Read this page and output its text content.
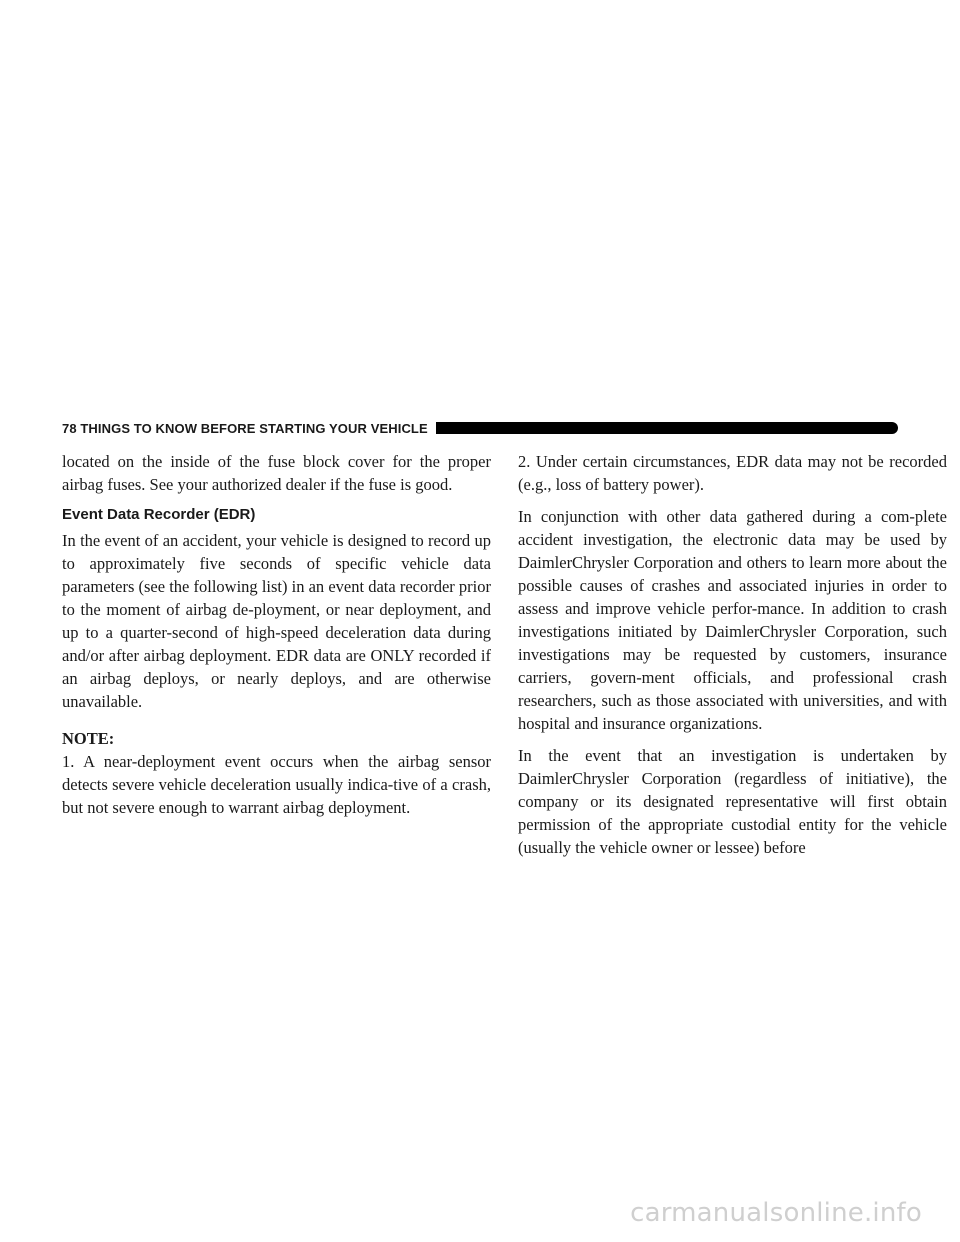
78 THINGS TO KNOW BEFORE STARTING YOUR VEHICLE

located on the inside of the fuse block cover for the proper airbag fuses. See your authorized dealer if the fuse is good.

Event Data Recorder (EDR)

In the event of an accident, your vehicle is designed to record up to approximately five seconds of specific vehicle data parameters (see the following list) in an event data recorder prior to the moment of airbag de-ployment, or near deployment, and up to a quarter-second of high-speed deceleration data during and/or after airbag deployment. EDR data are ONLY recorded if an airbag deploys, or nearly deploys, and are otherwise unavailable.

NOTE:

1. A near-deployment event occurs when the airbag sensor detects severe vehicle deceleration usually indica-tive of a crash, but not severe enough to warrant airbag deployment.

2. Under certain circumstances, EDR data may not be recorded (e.g., loss of battery power).

In conjunction with other data gathered during a com-plete accident investigation, the electronic data may be used by DaimlerChrysler Corporation and others to learn more about the possible causes of crashes and associated injuries in order to assess and improve vehicle perfor-mance. In addition to crash investigations initiated by DaimlerChrysler Corporation, such investigations may be requested by customers, insurance carriers, govern-ment officials, and professional crash researchers, such as those associated with universities, and with hospital and insurance organizations.

In the event that an investigation is undertaken by DaimlerChrysler Corporation (regardless of initiative), the company or its designated representative will first obtain permission of the appropriate custodial entity for the vehicle (usually the vehicle owner or lessee) before

carmanualsonline.info
